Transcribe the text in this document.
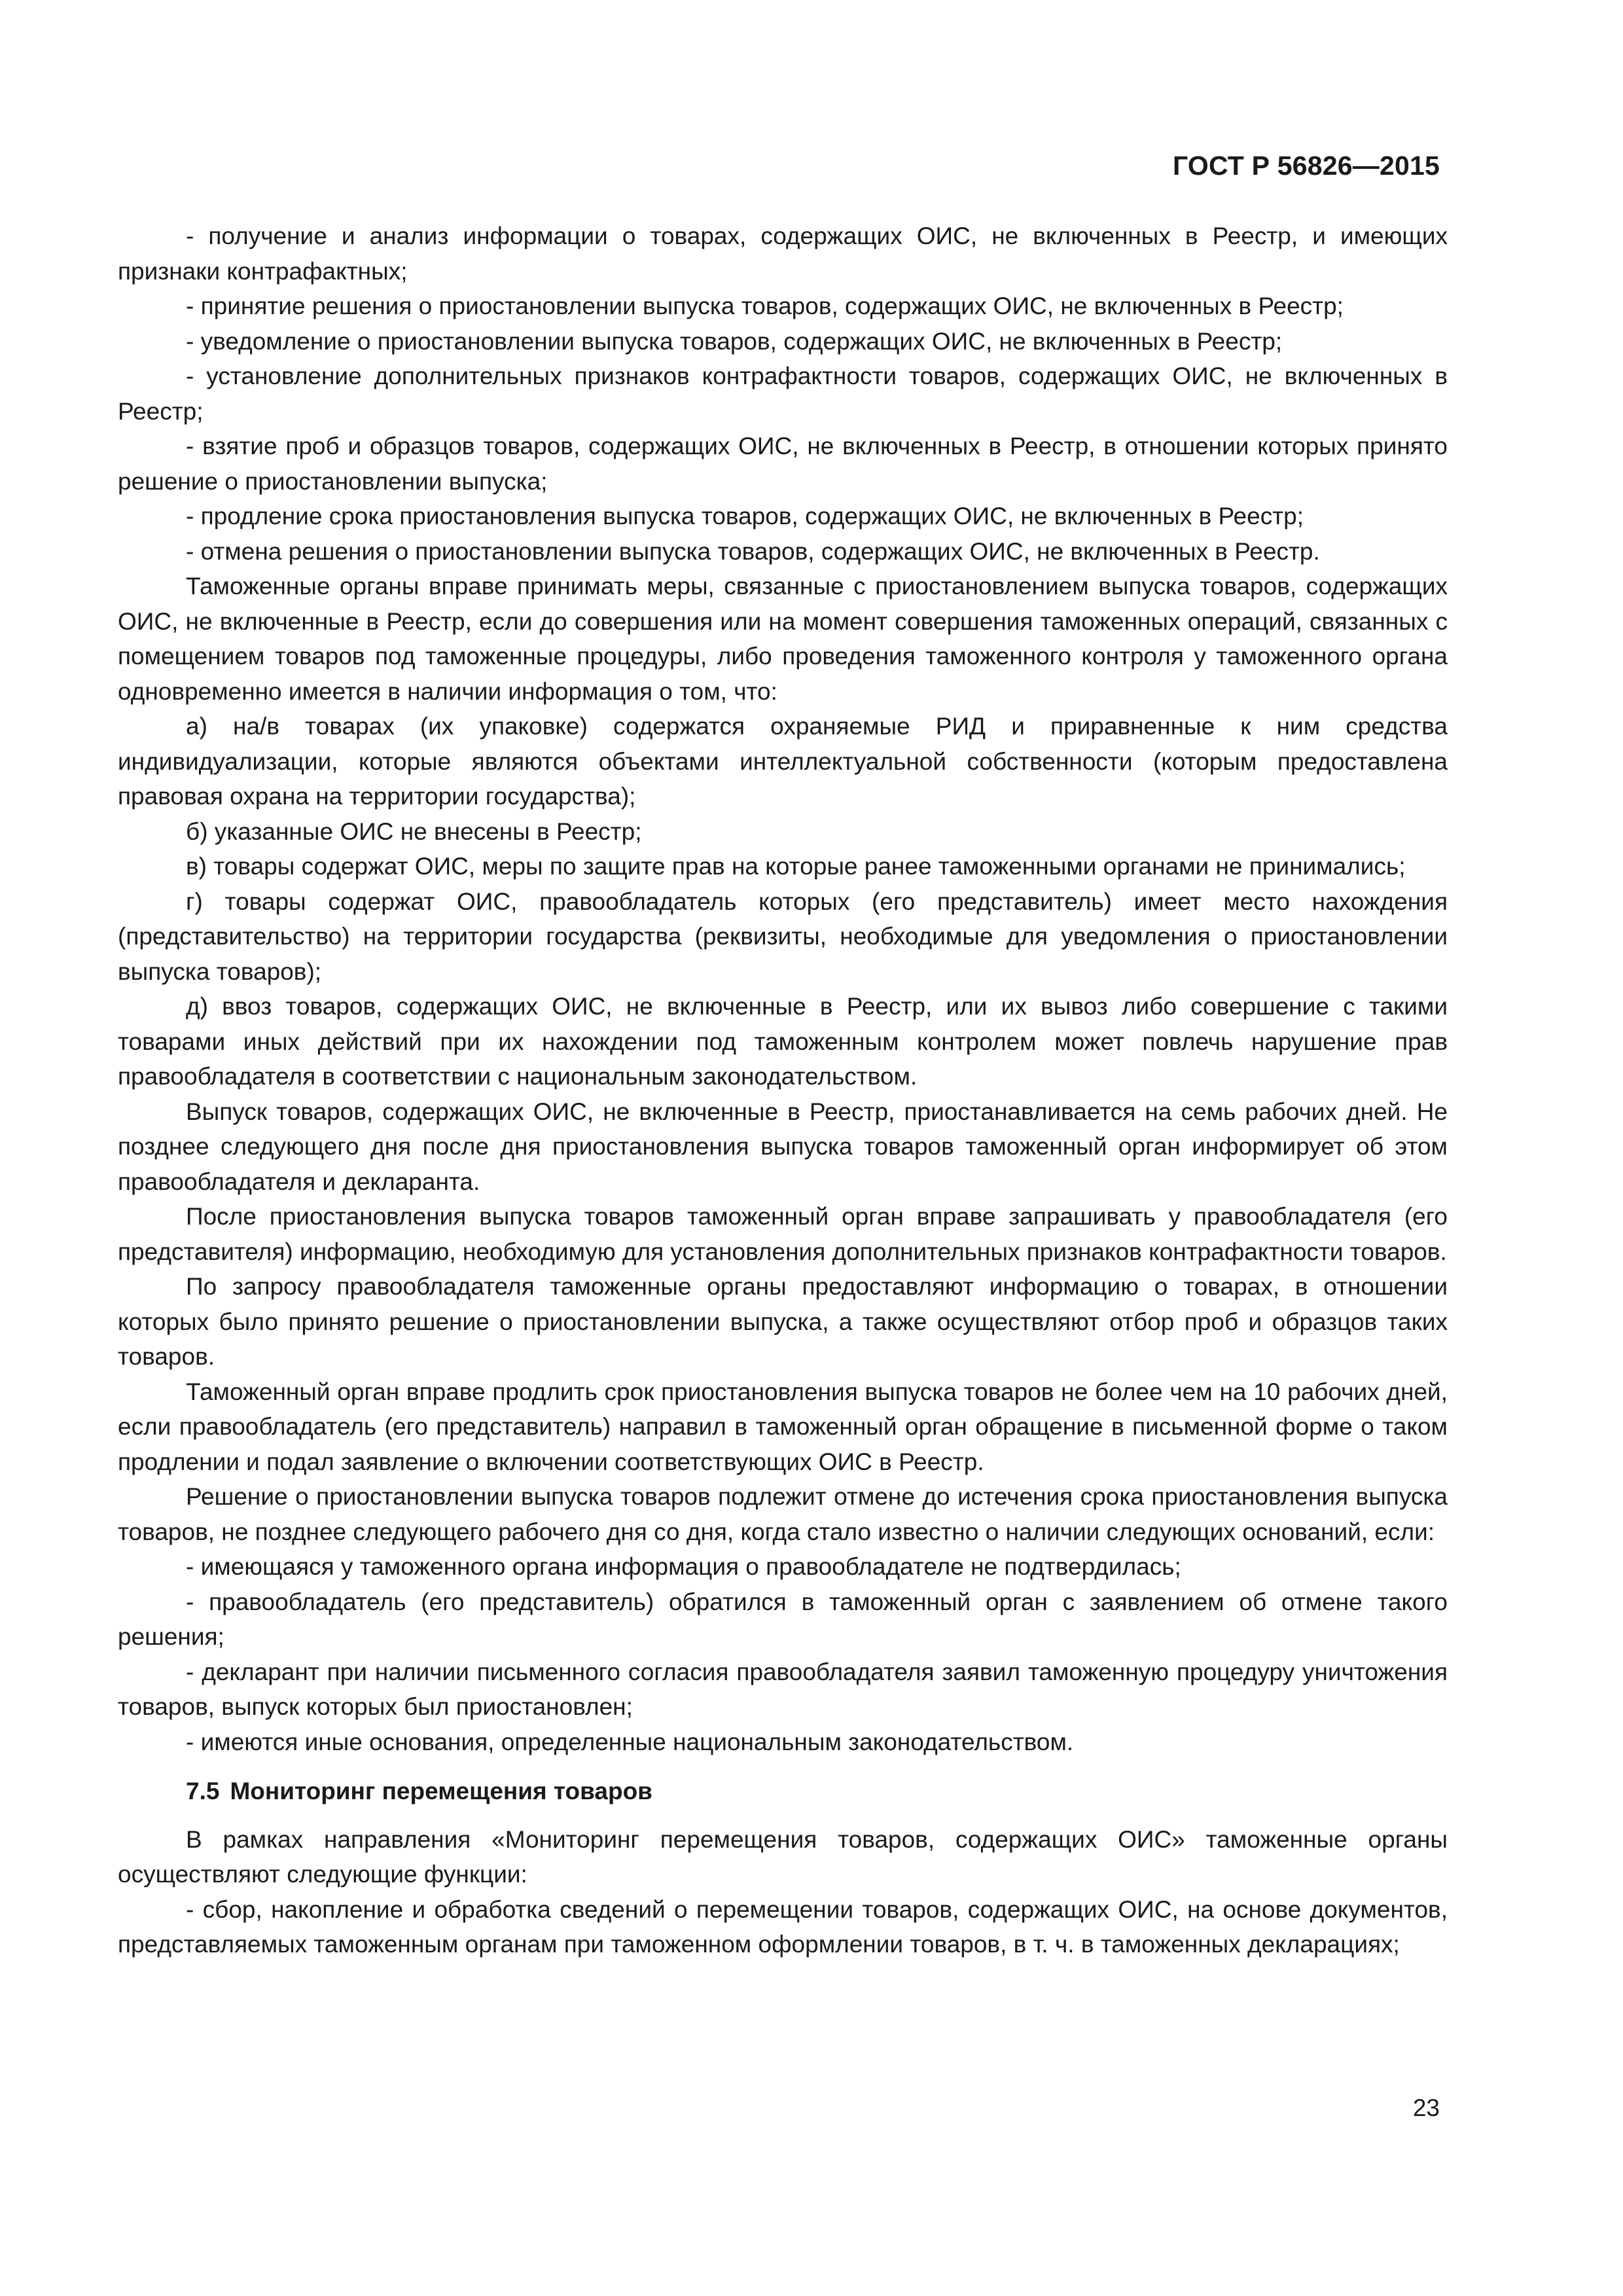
ГОСТ Р 56826—2015

- получение и анализ информации о товарах, содержащих ОИС, не включенных в Реестр, и имеющих признаки контрафактных;

- принятие решения о приостановлении выпуска товаров, содержащих ОИС, не включенных в Реестр;

- уведомление о приостановлении выпуска товаров, содержащих ОИС, не включенных в Реестр;

- установление дополнительных признаков контрафактности товаров, содержащих ОИС, не включенных в Реестр;

- взятие проб и образцов товаров, содержащих ОИС, не включенных в Реестр, в отношении которых принято решение о приостановлении выпуска;

- продление срока приостановления выпуска товаров, содержащих ОИС, не включенных в Реестр;

- отмена решения о приостановлении выпуска товаров, содержащих ОИС, не включенных в Реестр.

Таможенные органы вправе принимать меры, связанные с приостановлением выпуска товаров, содержащих ОИС, не включенные в Реестр, если до совершения или на момент совершения таможенных операций, связанных с помещением товаров под таможенные процедуры, либо проведения таможенного контроля у таможенного органа одновременно имеется в наличии информация о том, что:

а) на/в товарах (их упаковке) содержатся охраняемые РИД и приравненные к ним средства индивидуализации, которые являются объектами интеллектуальной собственности (которым предоставлена правовая охрана на территории государства);

б) указанные ОИС не внесены в Реестр;

в) товары содержат ОИС, меры по защите прав на которые ранее таможенными органами не принимались;

г) товары содержат ОИС, правообладатель которых (его представитель) имеет место нахождения (представительство) на территории государства (реквизиты, необходимые для уведомления о приостановлении выпуска товаров);

д) ввоз товаров, содержащих ОИС, не включенные в Реестр, или их вывоз либо совершение с такими товарами иных действий при их нахождении под таможенным контролем может повлечь нарушение прав правообладателя в соответствии с национальным законодательством.

Выпуск товаров, содержащих ОИС, не включенные в Реестр, приостанавливается на семь рабочих дней. Не позднее следующего дня после дня приостановления выпуска товаров таможенный орган информирует об этом правообладателя и декларанта.

После приостановления выпуска товаров таможенный орган вправе запрашивать у правообладателя (его представителя) информацию, необходимую для установления дополнительных признаков контрафактности товаров.

По запросу правообладателя таможенные органы предоставляют информацию о товарах, в отношении которых было принято решение о приостановлении выпуска, а также осуществляют отбор проб и образцов таких товаров.

Таможенный орган вправе продлить срок приостановления выпуска товаров не более чем на 10 рабочих дней, если правообладатель (его представитель) направил в таможенный орган обращение в письменной форме о таком продлении и подал заявление о включении соответствующих ОИС в Реестр.

Решение о приостановлении выпуска товаров подлежит отмене до истечения срока приостановления выпуска товаров, не позднее следующего рабочего дня со дня, когда стало известно о наличии следующих оснований, если:

- имеющаяся у таможенного органа информация о правообладателе не подтвердилась;

- правообладатель (его представитель) обратился в таможенный орган с заявлением об отмене такого решения;

- декларант при наличии письменного согласия правообладателя заявил таможенную процедуру уничтожения товаров, выпуск которых был приостановлен;

- имеются иные основания, определенные национальным законодательством.

7.5 Мониторинг перемещения товаров

В рамках направления «Мониторинг перемещения товаров, содержащих ОИС» таможенные органы осуществляют следующие функции:

- сбор, накопление и обработка сведений о перемещении товаров, содержащих ОИС, на основе документов, представляемых таможенным органам при таможенном оформлении товаров, в т. ч. в таможенных декларациях;

23
